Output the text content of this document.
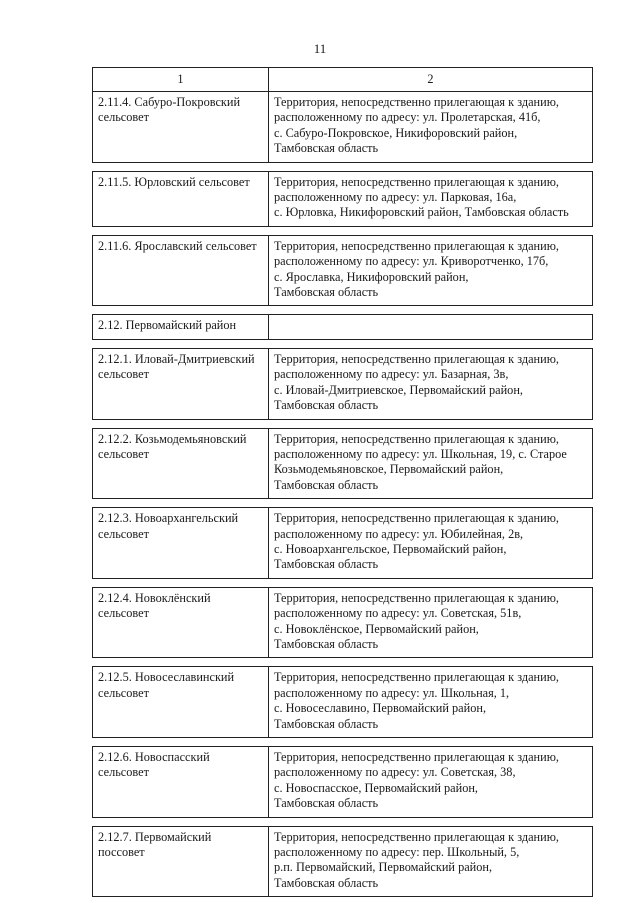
11
1	2
2.11.4. Сабуро-Покровский
сельсовет	Территория, непосредственно прилегающая к зданию,
расположенному по адресу: ул. Пролетарская, 41б,
с. Сабуро-Покровское, Никифоровский район,
Тамбовская область

2.11.5. Юрловский сельсовет	Территория, непосредственно прилегающая к зданию,
расположенному по адресу: ул. Парковая, 16а,
с. Юрловка, Никифоровский район, Тамбовская область

2.11.6. Ярославский сельсовет	Территория, непосредственно прилегающая к зданию,
расположенному по адресу: ул. Криворотченко, 17б,
с. Ярославка, Никифоровский район,
Тамбовская область

2.12. Первомайский район	

2.12.1. Иловай-Дмитриевский
сельсовет	Территория, непосредственно прилегающая к зданию,
расположенному по адресу: ул. Базарная, 3в,
с. Иловай-Дмитриевское, Первомайский район,
Тамбовская область

2.12.2. Козьмодемьяновский
сельсовет	Территория, непосредственно прилегающая к зданию,
расположенному по адресу: ул. Школьная, 19, с. Старое
Козьмодемьяновское, Первомайский район,
Тамбовская область

2.12.3. Новоархангельский
сельсовет	Территория, непосредственно прилегающая к зданию,
расположенному по адресу: ул. Юбилейная, 2в,
с. Новоархангельское, Первомайский район,
Тамбовская область

2.12.4. Новоклёнский
сельсовет	Территория, непосредственно прилегающая к зданию,
расположенному по адресу: ул. Советская, 51в,
с. Новоклёнское, Первомайский район,
Тамбовская область

2.12.5. Новосеславинский
сельсовет	Территория, непосредственно прилегающая к зданию,
расположенному по адресу: ул. Школьная, 1,
с. Новосеславино, Первомайский район,
Тамбовская область

2.12.6. Новоспасский
сельсовет	Территория, непосредственно прилегающая к зданию,
расположенному по адресу: ул. Советская, 38,
с. Новоспасское, Первомайский район,
Тамбовская область

2.12.7. Первомайский
поссовет	Территория, непосредственно прилегающая к зданию,
расположенному по адресу: пер. Школьный, 5,
р.п. Первомайский, Первомайский район,
Тамбовская область
